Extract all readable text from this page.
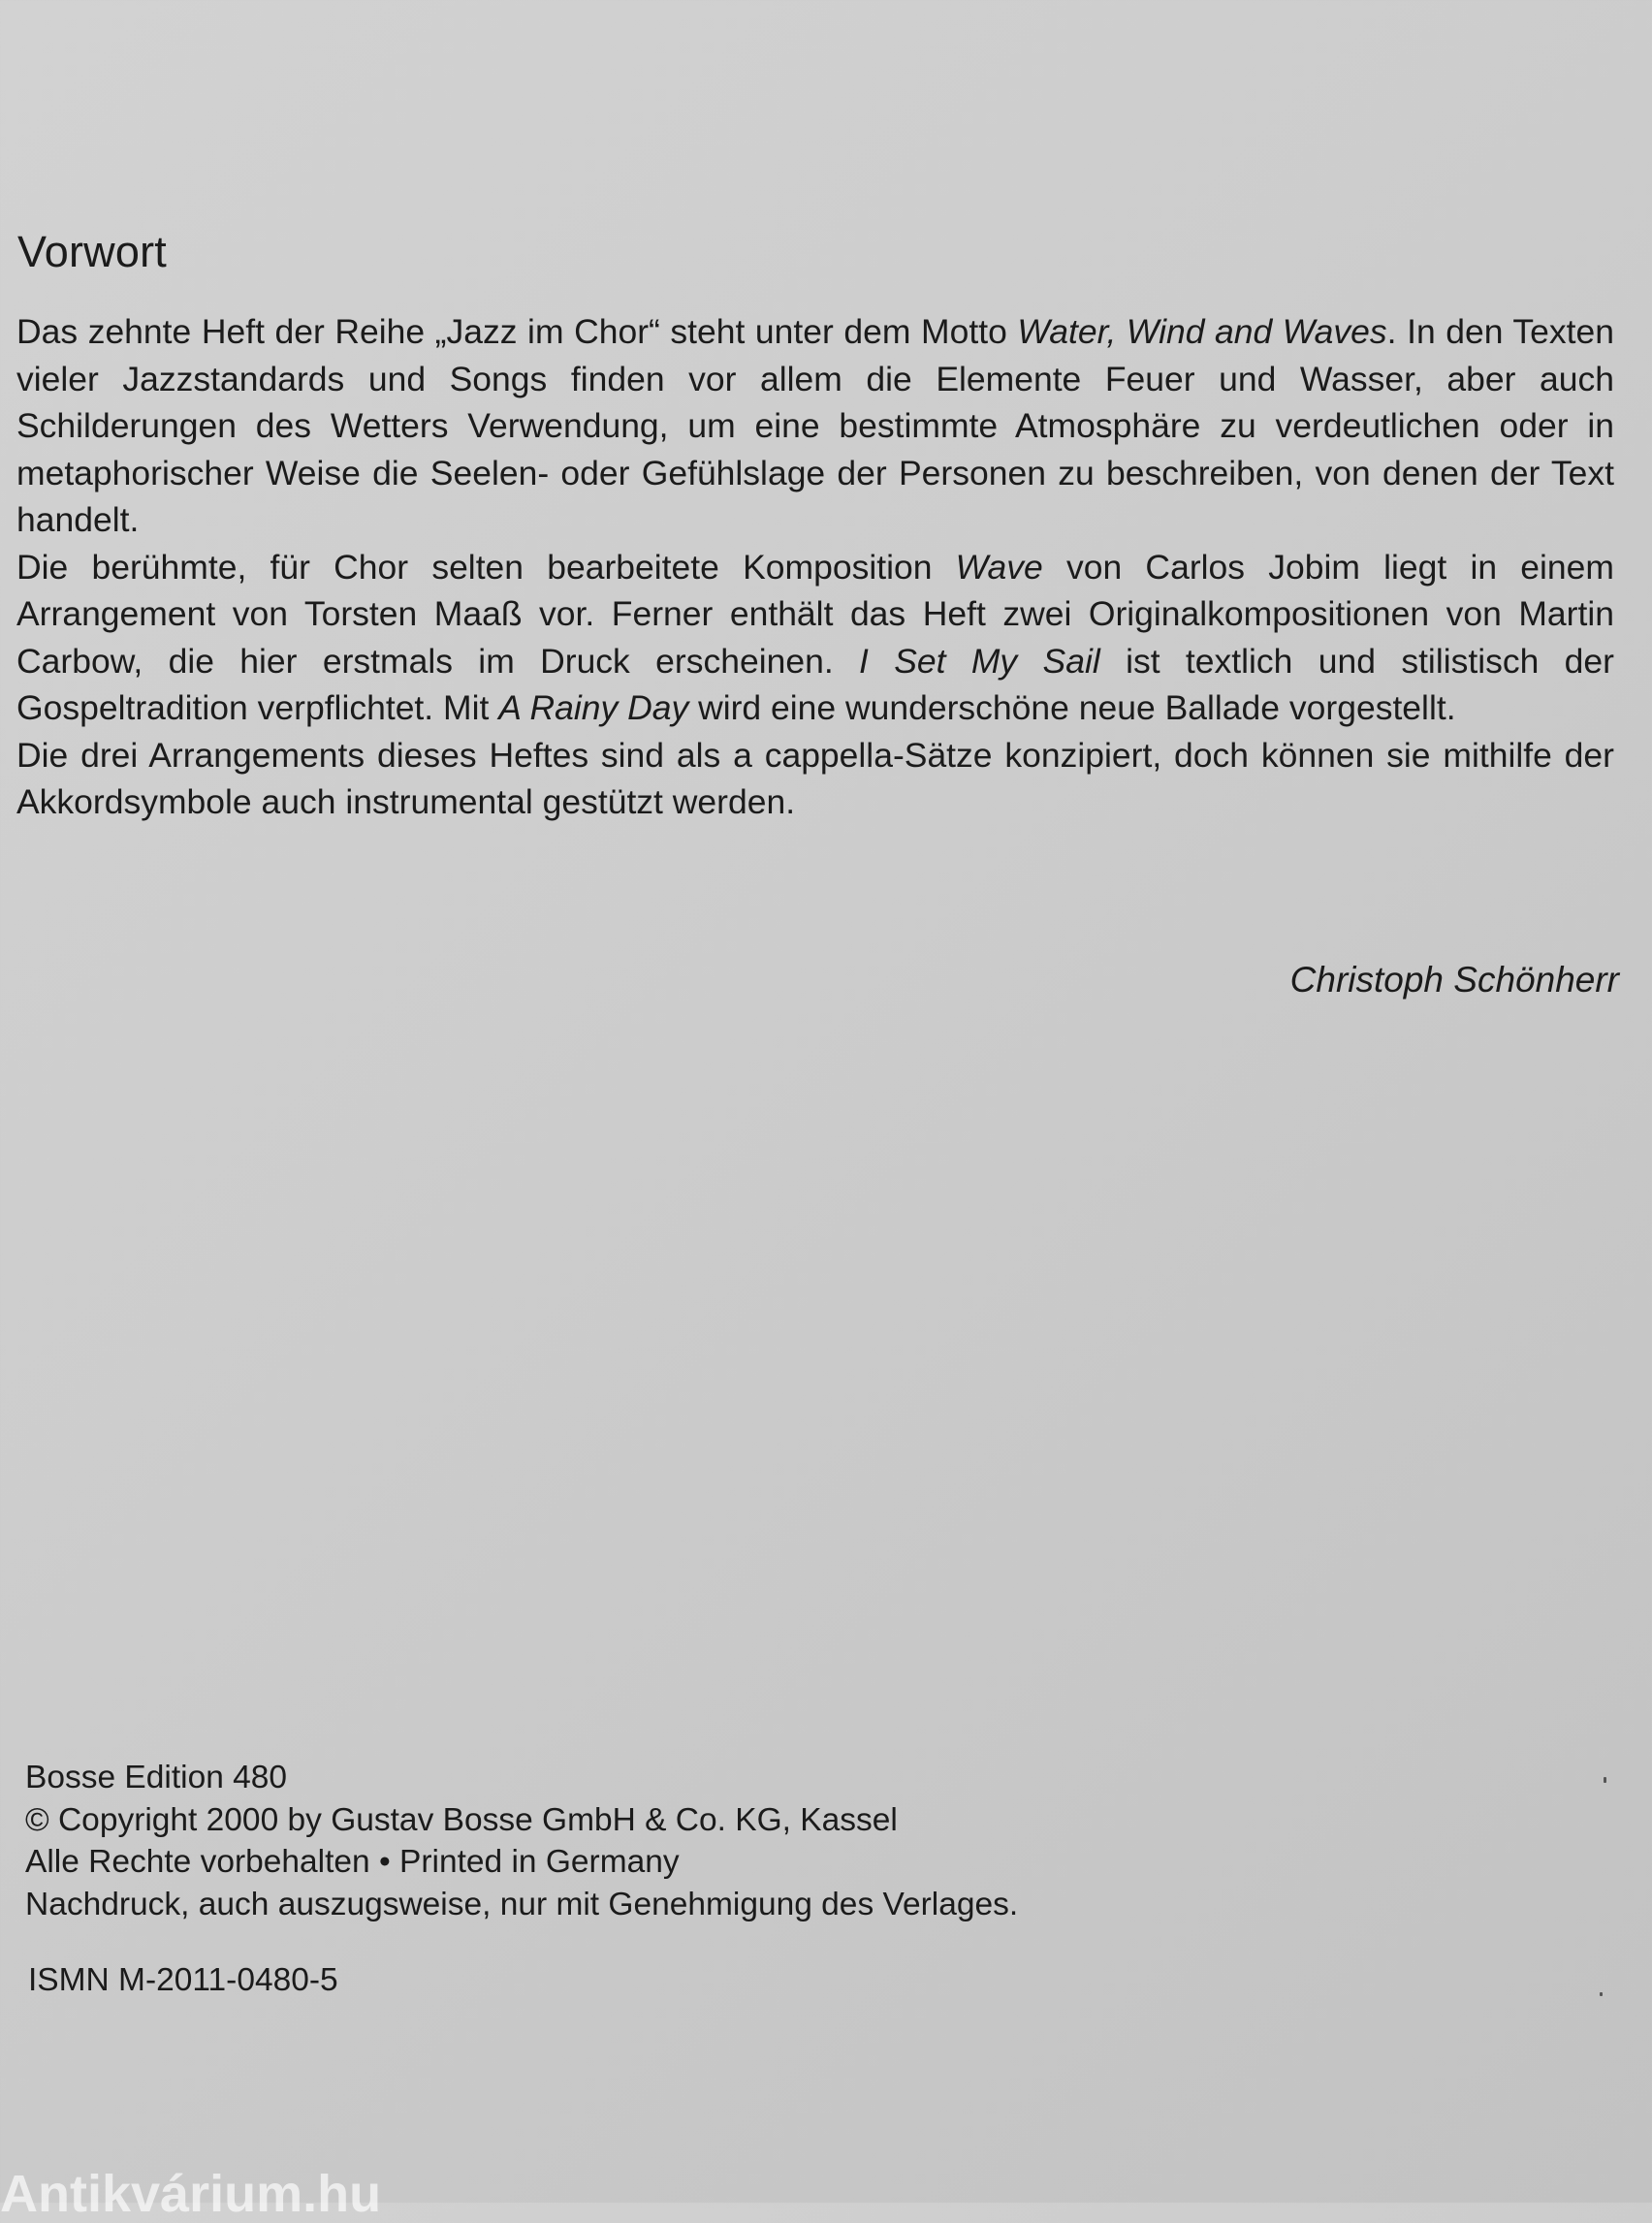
Vorwort

Das zehnte Heft der Reihe „Jazz im Chor“ steht unter dem Motto Water, Wind and Waves. In den Texten vieler Jazzstandards und Songs finden vor allem die Elemente Feuer und Wasser, aber auch Schilderungen des Wetters Verwendung, um eine bestimmte Atmosphäre zu verdeutlichen oder in metaphorischer Weise die Seelen- oder Gefühlslage der Personen zu beschreiben, von denen der Text handelt.

Die berühmte, für Chor selten bearbeitete Komposition Wave von Carlos Jobim liegt in einem Arrangement von Torsten Maaß vor. Ferner enthält das Heft zwei Originalkompositionen von Martin Carbow, die hier erstmals im Druck erscheinen. I Set My Sail ist textlich und stilistisch der Gospeltradition verpflichtet. Mit A Rainy Day wird eine wunderschöne neue Ballade vorgestellt.

Die drei Arrangements dieses Heftes sind als a cappella-Sätze konzipiert, doch können sie mithilfe der Akkordsymbole auch instrumental gestützt werden.

Christoph Schönherr
Bosse Edition 480
© Copyright 2000 by Gustav Bosse GmbH & Co. KG, Kassel
Alle Rechte vorbehalten • Printed in Germany
Nachdruck, auch auszugsweise, nur mit Genehmigung des Verlages.
ISMN M-2011-0480-5
Antikvárium.hu
